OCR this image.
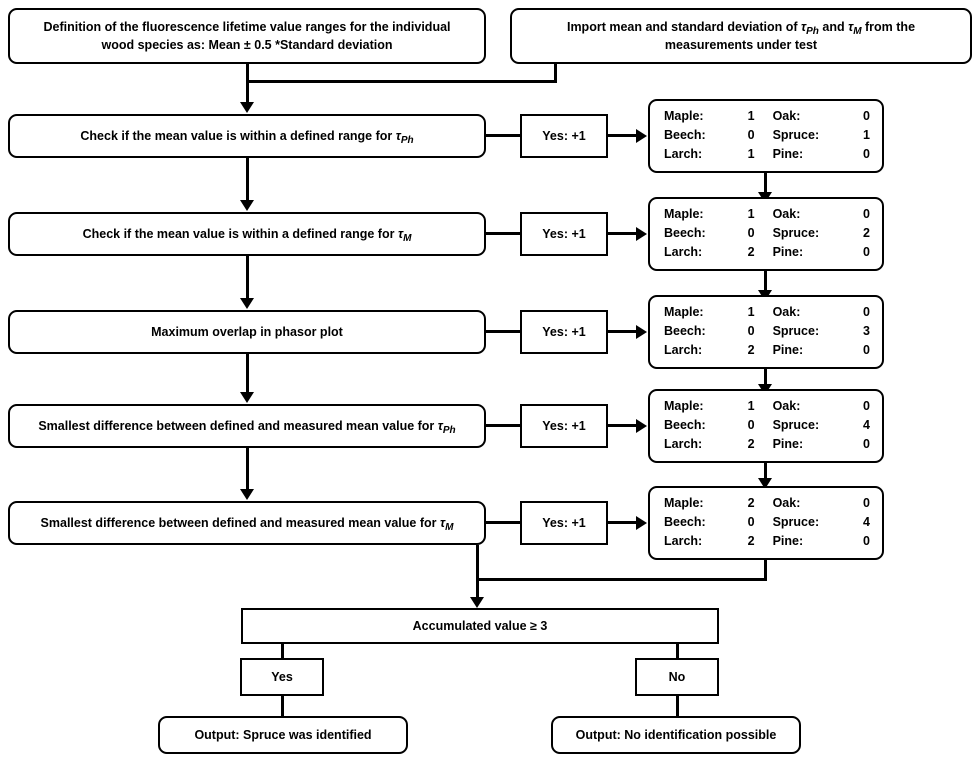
Definition of the fluorescence lifetime value ranges for the individual
wood species as: Mean ± 0.5 *Standard deviation
Import mean and standard deviation of $\tau_{Ph}$ and $\tau_M$ from the
measurements under test
Check if the mean value is within a defined range for $\tau_{Ph}$	Yes: +1
Maple:	1	Oak:	0
Beech:	0	Spruce:	1
Larch:	1	Pine:	0
Check if the mean value is within a defined range for $\tau_M$	Yes: +1
Maple:	1	Oak:	0
Beech:	0	Spruce:	2
Larch:	2	Pine:	0
Maximum overlap in phasor plot	Yes: +1
Maple:	1	Oak:	0
Beech:	0	Spruce:	3
Larch:	2	Pine:	0
Smallest difference between defined and measured mean value for $\tau_{Ph}$	Yes: +1
Maple:	1	Oak:	0
Beech:	0	Spruce:	4
Larch:	2	Pine:	0
Smallest difference between defined and measured mean value for $\tau_M$	Yes: +1
Maple:	2	Oak:	0
Beech:	0	Spruce:	4
Larch:	2	Pine:	0
Accumulated value ≥ 3
Yes	No
Output: Spruce was identified	Output: No identification possible
